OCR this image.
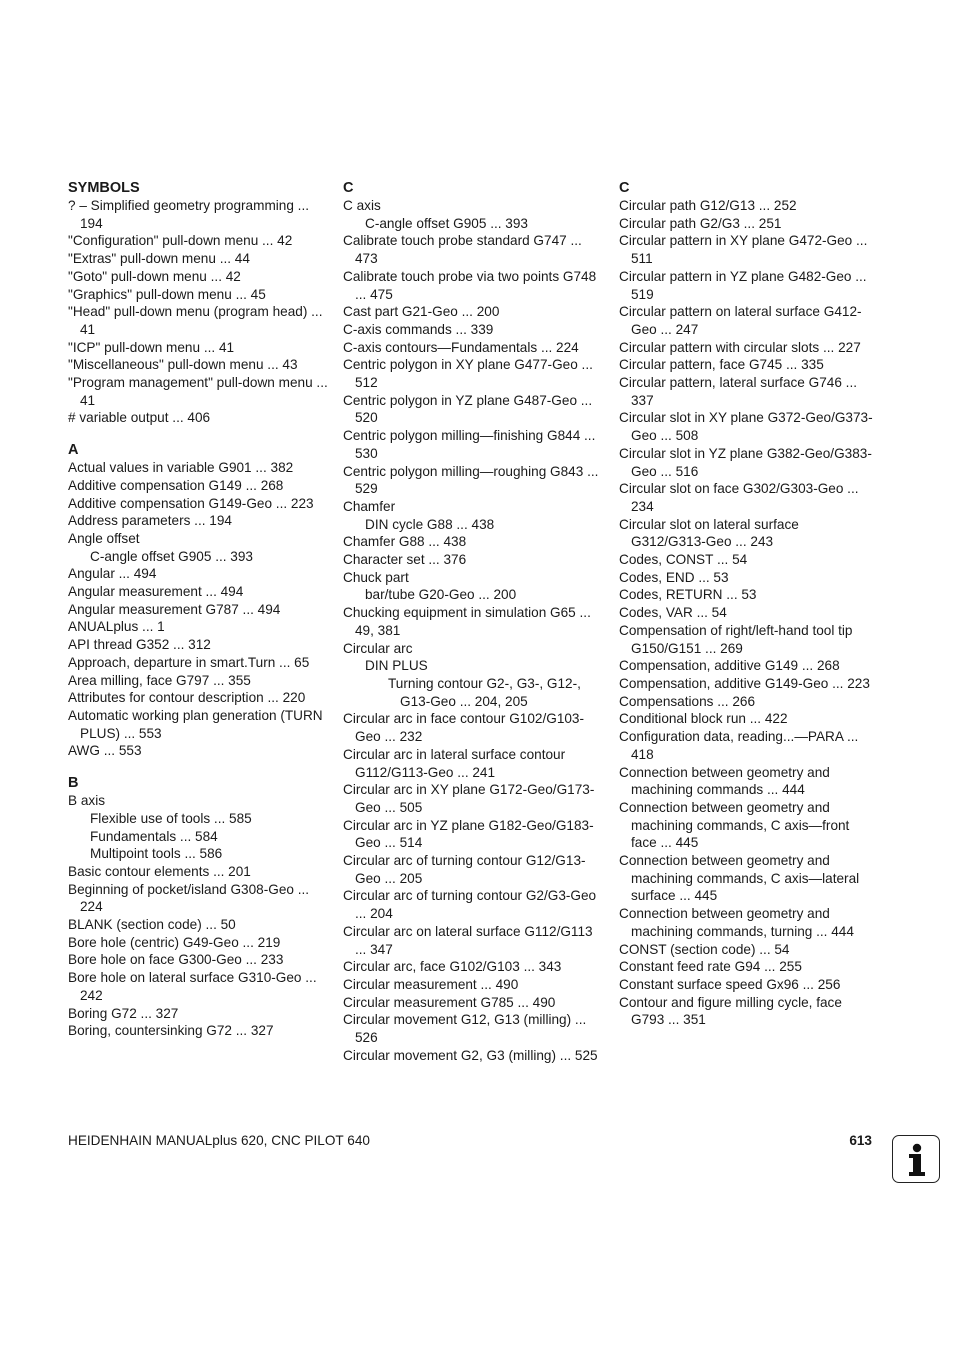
SYMBOLS
? – Simplified geometry programming ... 194
"Configuration" pull-down menu ... 42
"Extras" pull-down menu ... 44
"Goto" pull-down menu ... 42
"Graphics" pull-down menu ... 45
"Head" pull-down menu (program head) ... 41
"ICP" pull-down menu ... 41
"Miscellaneous" pull-down menu ... 43
"Program management" pull-down menu ... 41
# variable output ... 406
A
Actual values in variable G901 ... 382
Additive compensation G149 ... 268
Additive compensation G149-Geo ... 223
Address parameters ... 194
Angle offset
C-angle offset G905 ... 393
Angular ... 494
Angular measurement ... 494
Angular measurement G787 ... 494
ANUALplus ... 1
API thread G352 ... 312
Approach, departure in smart.Turn ... 65
Area milling, face G797 ... 355
Attributes for contour description ... 220
Automatic working plan generation (TURN PLUS) ... 553
AWG ... 553
B
B axis
Flexible use of tools ... 585
Fundamentals ... 584
Multipoint tools ... 586
Basic contour elements ... 201
Beginning of pocket/island G308-Geo ... 224
BLANK (section code) ... 50
Bore hole (centric) G49-Geo ... 219
Bore hole on face G300-Geo ... 233
Bore hole on lateral surface G310-Geo ... 242
Boring G72 ... 327
Boring, countersinking G72 ... 327
C
C axis
C-angle offset G905 ... 393
Calibrate touch probe standard G747 ... 473
Calibrate touch probe via two points G748 ... 475
Cast part G21-Geo ... 200
C-axis commands ... 339
C-axis contours—Fundamentals ... 224
Centric polygon in XY plane G477-Geo ... 512
Centric polygon in YZ plane G487-Geo ... 520
Centric polygon milling—finishing G844 ... 530
Centric polygon milling—roughing G843 ... 529
Chamfer
DIN cycle G88 ... 438
Chamfer G88 ... 438
Character set ... 376
Chuck part
bar/tube G20-Geo ... 200
Chucking equipment in simulation G65 ... 49, 381
Circular arc
DIN PLUS
Turning contour G2-, G3-, G12-, G13-Geo ... 204, 205
Circular arc in face contour G102/G103-Geo ... 232
Circular arc in lateral surface contour G112/G113-Geo ... 241
Circular arc in XY plane G172-Geo/G173-Geo ... 505
Circular arc in YZ plane G182-Geo/G183-Geo ... 514
Circular arc of turning contour G12/G13-Geo ... 205
Circular arc of turning contour G2/G3-Geo ... 204
Circular arc on lateral surface G112/G113 ... 347
Circular arc, face G102/G103 ... 343
Circular measurement ... 490
Circular measurement G785 ... 490
Circular movement G12, G13 (milling) ... 526
Circular movement G2, G3 (milling) ... 525
C
Circular path G12/G13 ... 252
Circular path G2/G3 ... 251
Circular pattern in XY plane G472-Geo ... 511
Circular pattern in YZ plane G482-Geo ... 519
Circular pattern on lateral surface G412-Geo ... 247
Circular pattern with circular slots ... 227
Circular pattern, face G745 ... 335
Circular pattern, lateral surface G746 ... 337
Circular slot in XY plane G372-Geo/G373-Geo ... 508
Circular slot in YZ plane G382-Geo/G383-Geo ... 516
Circular slot on face G302/G303-Geo ... 234
Circular slot on lateral surface G312/G313-Geo ... 243
Codes, CONST ... 54
Codes, END ... 53
Codes, RETURN ... 53
Codes, VAR ... 54
Compensation of right/left-hand tool tip G150/G151 ... 269
Compensation, additive G149 ... 268
Compensation, additive G149-Geo ... 223
Compensations ... 266
Conditional block run ... 422
Configuration data, reading...—PARA ... 418
Connection between geometry and machining commands ... 444
Connection between geometry and machining commands, C axis—front face ... 445
Connection between geometry and machining commands, C axis—lateral surface ... 445
Connection between geometry and machining commands, turning ... 444
CONST (section code) ... 54
Constant feed rate G94 ... 255
Constant surface speed Gx96 ... 256
Contour and figure milling cycle, face G793 ... 351
HEIDENHAIN MANUALplus 620, CNC PILOT 640	613
